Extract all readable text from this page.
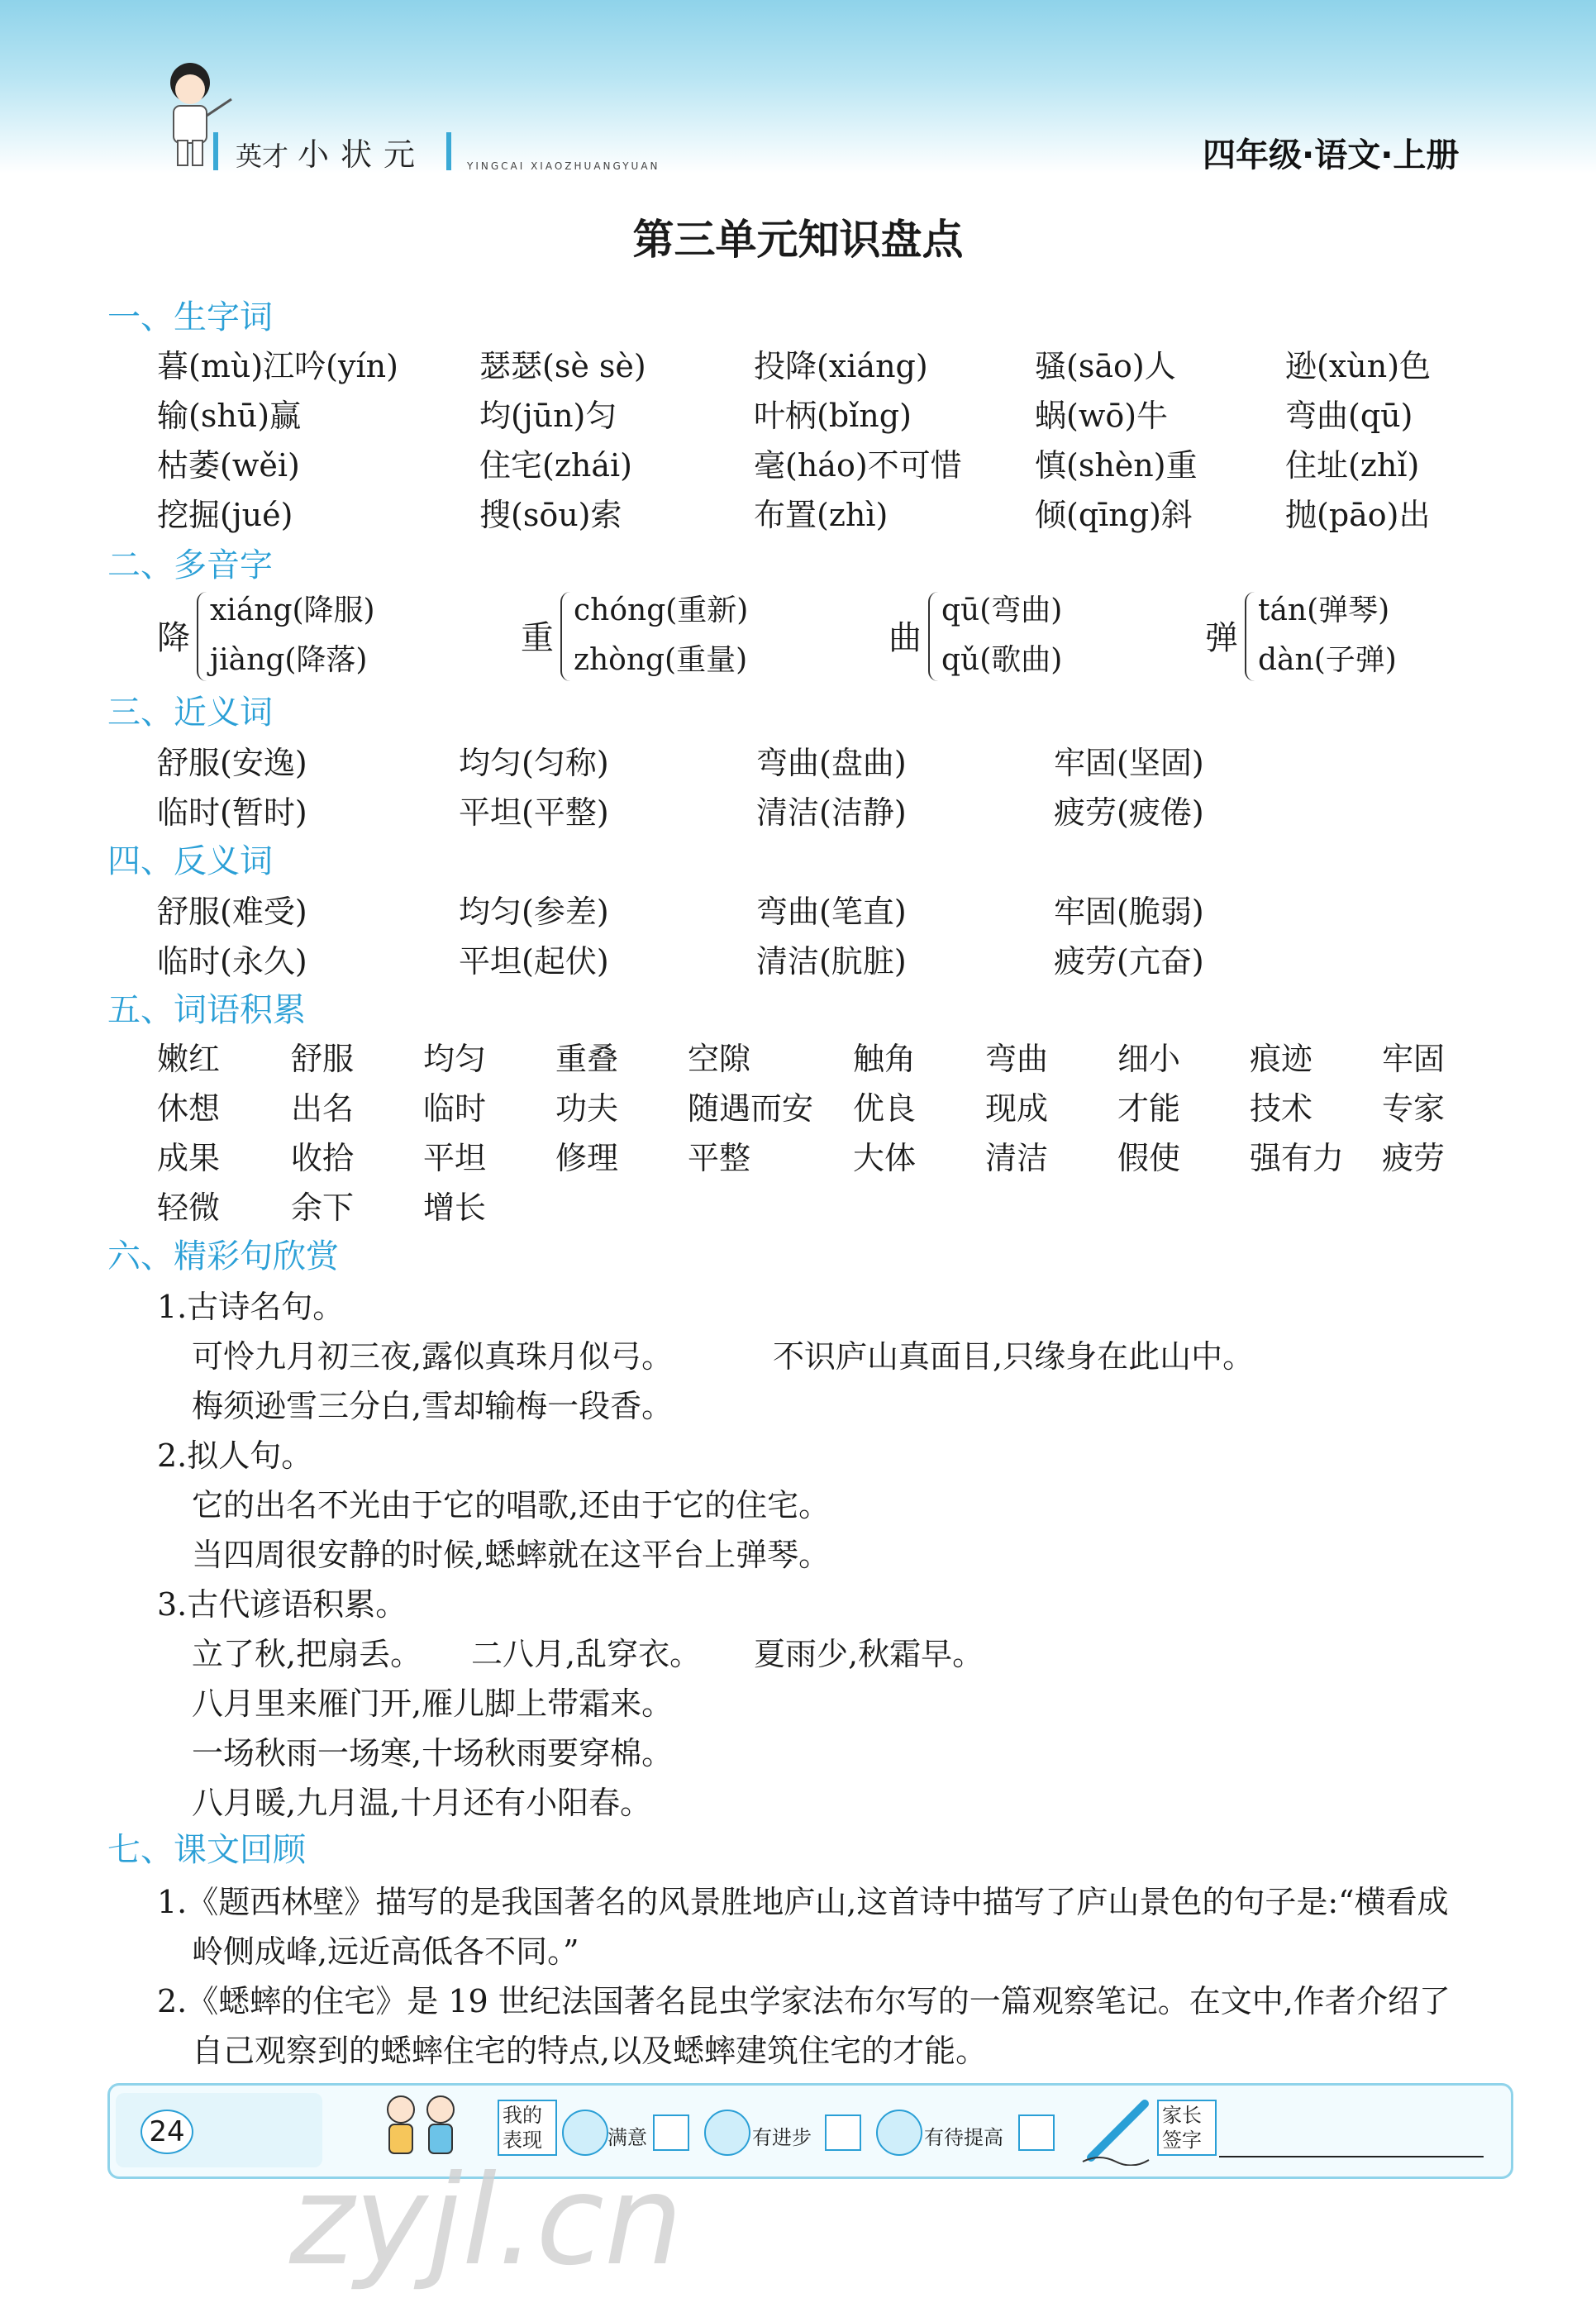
英才 小状元	YINGCAI XIAOZHUANGYUAN	四年级·语文·上册
第三单元知识盘点
一、生字词
暮(mù)江吟(yín)	瑟瑟(sè sè)	投降(xiáng)	骚(sāo)人	逊(xùn)色
输(shū)赢	均(jūn)匀	叶柄(bǐng)	蜗(wō)牛	弯曲(qū)
枯萎(wěi)	住宅(zhái)	毫(háo)不可惜 慎(shèn)重	住址(zhǐ)
挖掘(jué)	搜(sōu)索	布置(zhì)	倾(qīng)斜	抛(pāo)出
二、多音字
降
xiáng(降服)
jiàng(降落)
重
chóng(重新)
zhòng(重量)
曲
qū(弯曲)
qǔ(歌曲)
弹
tán(弹琴)
dàn(子弹)
三、近义词
舒服(安逸)	均匀(匀称)	弯曲(盘曲)	牢固(坚固)
临时(暂时)	平坦(平整)	清洁(洁静)	疲劳(疲倦)
四、反义词
舒服(难受)	均匀(参差)	弯曲(笔直)	牢固(脆弱)
临时(永久)	平坦(起伏)	清洁(肮脏)	疲劳(亢奋)
五、词语积累
嫩红 舒服 均匀 重叠 空隙	触角 弯曲 细小 痕迹 牢固
休想 出名 临时 功夫 随遇而安 优良 现成 才能 技术 专家
成果 收拾 平坦 修理 平整	大体 清洁 假使 强有力 疲劳
轻微 余下 增长
六、精彩句欣赏
1.古诗名句。
可怜九月初三夜,露似真珠月似弓。	不识庐山真面目,只缘身在此山中。
梅须逊雪三分白,雪却输梅一段香。
2.拟人句。
它的出名不光由于它的唱歌,还由于它的住宅。
当四周很安静的时候,蟋蟀就在这平台上弹琴。
3.古代谚语积累。
立了秋,把扇丢。 二八月,乱穿衣。 夏雨少,秋霜早。
八月里来雁门开,雁儿脚上带霜来。
一场秋雨一场寒,十场秋雨要穿棉。
八月暖,九月温,十月还有小阳春。
七、课文回顾
1.《题西林壁》描写的是我国著名的风景胜地庐山,这首诗中描写了庐山景色的句子是:“横看成
岭侧成峰,远近高低各不同。”
2.《蟋蟀的住宅》是 19 世纪法国著名昆虫学家法布尔写的一篇观察笔记。在文中,作者介绍了
自己观察到的蟋蟀住宅的特点,以及蟋蟀建筑住宅的才能。
24	我的表现	满意	有进步	有待提高
家长签字
zyjl.cn
